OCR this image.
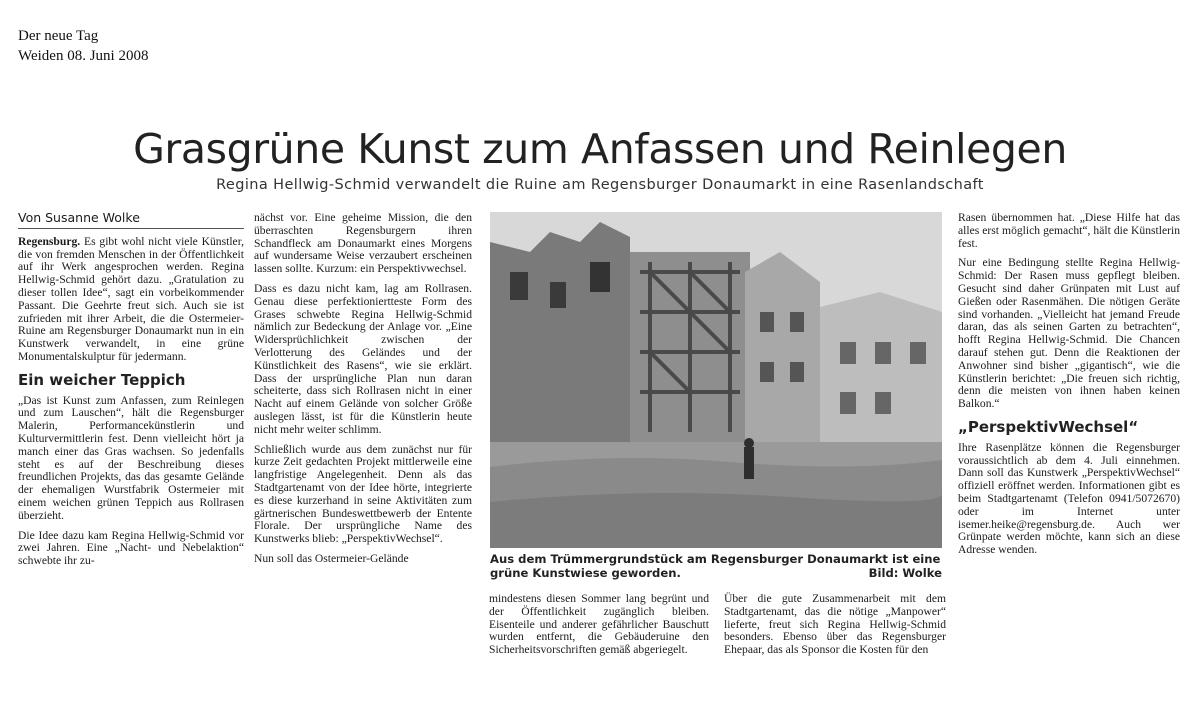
Der neue Tag
Weiden 08. Juni 2008
Grasgrüne Kunst zum Anfassen und Reinlegen
Regina Hellwig-Schmid verwandelt die Ruine am Regensburger Donaumarkt in eine Rasenlandschaft
Von Susanne Wolke

Regensburg. Es gibt wohl nicht viele Künstler, die von fremden Menschen in der Öffentlichkeit auf ihr Werk angesprochen werden. Regina Hellwig-Schmid gehört dazu. „Gratulation zu dieser tollen Idee“, sagt ein vorbeikommender Passant. Die Geehrte freut sich. Auch sie ist zufrieden mit ihrer Arbeit, die die Ostermeier-Ruine am Regensburger Donaumarkt nun in ein Kunstwerk verwandelt, in eine grüne Monumentalskulptur für jedermann.

Ein weicher Teppich

„Das ist Kunst zum Anfassen, zum Reinlegen und zum Lauschen“, hält die Regensburger Malerin, Performancekünstlerin und Kulturvermittlerin fest. Denn vielleicht hört ja manch einer das Gras wachsen. So jedenfalls steht es auf der Beschreibung dieses freundlichen Projekts, das das gesamte Gelände der ehemaligen Wurstfabrik Ostermeier mit einem weichen grünen Teppich aus Rollrasen überzieht.

Die Idee dazu kam Regina Hellwig-Schmid vor zwei Jahren. Eine „Nacht- und Nebelaktion“ schwebte ihr zu-

nächst vor. Eine geheime Mission, die den überraschten Regensburgern ihren Schandfleck am Donaumarkt eines Morgens auf wundersame Weise verzaubert erscheinen lassen sollte. Kurzum: ein Perspektivwechsel.

Dass es dazu nicht kam, lag am Rollrasen. Genau diese perfektioniertteste Form des Grases schwebte Regina Hellwig-Schmid nämlich zur Bedeckung der Anlage vor. „Eine Widersprüchlichkeit zwischen der Verlotterung des Geländes und der Künstlichkeit des Rasens“, wie sie erklärt. Dass der ursprüngliche Plan nun daran scheiterte, dass sich Rollrasen nicht in einer Nacht auf einem Gelände von solcher Größe auslegen lässt, ist für die Künstlerin heute nicht mehr weiter schlimm.

Schließlich wurde aus dem zunächst nur für kurze Zeit gedachten Projekt mittlerweile eine langfristige Angelegenheit. Denn als das Stadtgartenamt von der Idee hörte, integrierte es diese kurzerhand in seine Aktivitäten zum gärtnerischen Bundeswettbewerb der Entente Florale. Der ursprüngliche Name des Kunstwerks blieb: „PerspektivWechsel“.

Nun soll das Ostermeier-Gelände	Aus dem Trümmergrundstück am Regensburger Donaumarkt ist eine grüne Kunstwiese geworden.	Bild: Wolke

mindestens diesen Sommer lang begrünt und der Öffentlichkeit zugänglich bleiben. Eisenteile und anderer gefährlicher Bauschutt wurden entfernt, die Gebäuderuine den Sicherheitsvorschriften gemäß abgeriegelt.

Über die gute Zusammenarbeit mit dem Stadtgartenamt, das die nötige „Manpower“ lieferte, freut sich Regina Hellwig-Schmid besonders. Ebenso über das Regensburger Ehepaar, das als Sponsor die Kosten für den

Rasen übernommen hat. „Diese Hilfe hat das alles erst möglich gemacht“, hält die Künstlerin fest.

Nur eine Bedingung stellte Regina Hellwig-Schmid: Der Rasen muss gepflegt bleiben. Gesucht sind daher Grünpaten mit Lust auf Gießen oder Rasenmähen. Die nötigen Geräte sind vorhanden. „Vielleicht hat jemand Freude daran, das als seinen Garten zu betrachten“, hofft Regina Hellwig-Schmid. Die Chancen darauf stehen gut. Denn die Reaktionen der Anwohner sind bisher „gigantisch“, wie die Künstlerin berichtet: „Die freuen sich richtig, denn die meisten von ihnen haben keinen Balkon.“

„PerspektivWechsel“

Ihre Rasenplätze können die Regensburger voraussichtlich ab dem 4. Juli einnehmen. Dann soll das Kunstwerk „PerspektivWechsel“ offiziell eröffnet werden. Informationen gibt es beim Stadtgartenamt (Telefon 0941/5072670) oder im Internet unter isemer.heike@regensburg.de. Auch wer Grünpate werden möchte, kann sich an diese Adresse wenden.
